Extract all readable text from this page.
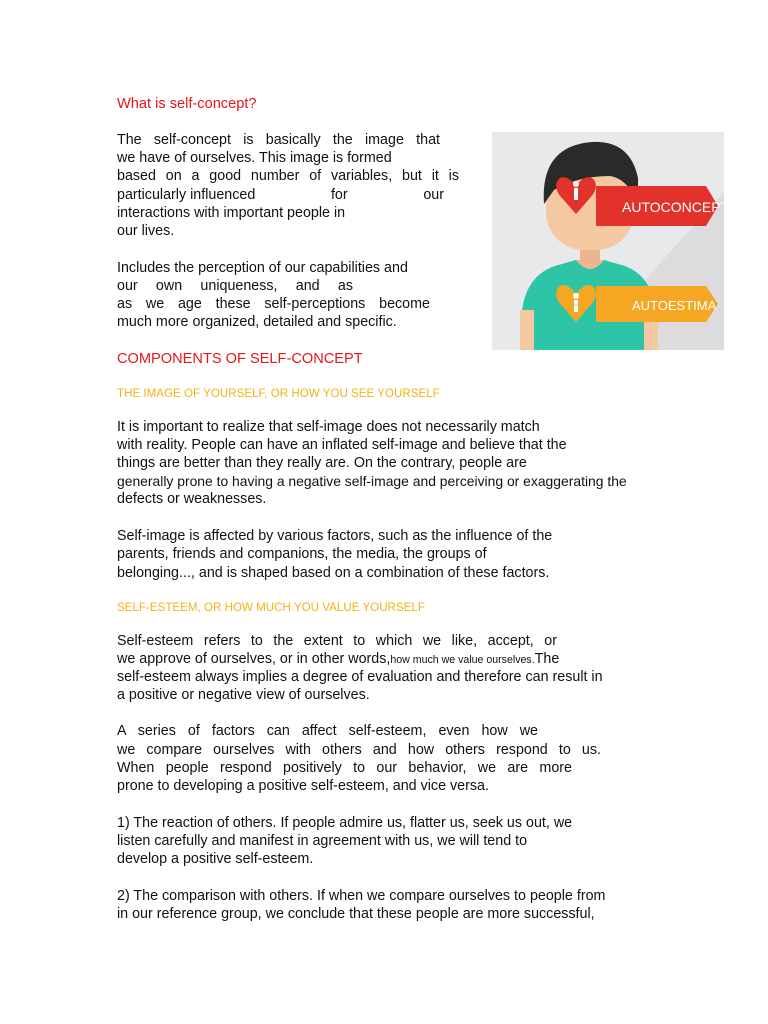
What is self-concept?

The self-concept is basically the image that

we have of ourselves. This image is formed

based on a good number of variables, but it is

particularly influenced	for	our

interactions with important people in

our lives.

Includes the perception of our capabilities and

our own uniqueness, and as

as we age these self-perceptions become

much more organized, detailed and specific.

COMPONENTS OF SELF-CONCEPT

THE IMAGE OF YOURSELF, OR HOW YOU SEE YOURSELF

It is important to realize that self-image does not necessarily match

with reality. People can have an inflated self-image and believe that the

things are better than they really are. On the contrary, people are

generally prone to having a negative self-image and perceiving or exaggerating the

defects or weaknesses.

Self-image is affected by various factors, such as the influence of the

parents, friends and companions, the media, the groups of

belonging..., and is shaped based on a combination of these factors.

SELF-ESTEEM, OR HOW MUCH YOU VALUE YOURSELF

Self-esteem refers to the extent to which we like, accept, or

we approve of ourselves, or in other words,how much we value ourselves.The

self-esteem always implies a degree of evaluation and therefore can result in

a positive or negative view of ourselves.

A series of factors can affect self-esteem, even how we

we compare ourselves with others and how others respond to us.

When people respond positively to our behavior, we are more

prone to developing a positive self-esteem, and vice versa.

1) The reaction of others. If people admire us, flatter us, seek us out, we

listen carefully and manifest in agreement with us, we will tend to

develop a positive self-esteem.

2) The comparison with others. If when we compare ourselves to people from

in our reference group, we conclude that these people are more successful,

AUTOCONCEPTO
AUTOESTIMA
